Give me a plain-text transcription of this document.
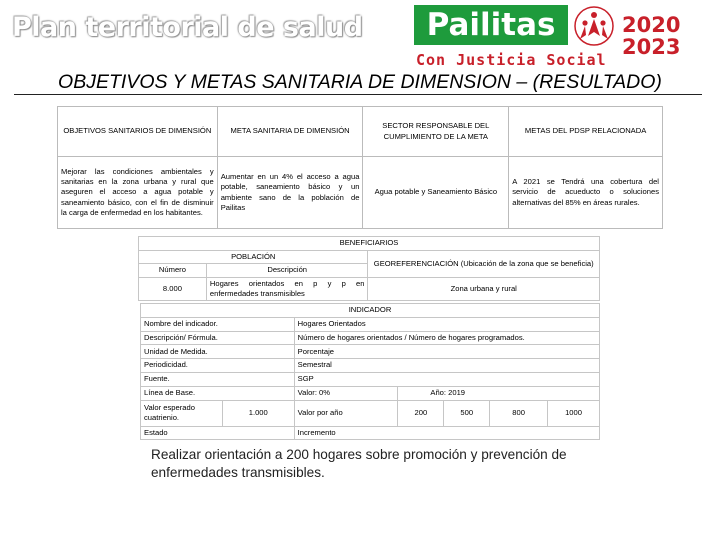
Plan territorial de salud	Pailitas
Con Justicia Social
2020
2023
OBJETIVOS Y METAS SANITARIA DE DIMENSION – (RESULTADO)
OBJETIVOS SANITARIOS DE DIMENSIÓN	META SANITARIA DE DIMENSIÓN	SECTOR RESPONSABLE DEL CUMPLIMIENTO DE LA META	METAS DEL PDSP RELACIONADA
Mejorar las condiciones ambientales y sanitarias en la zona urbana y rural que aseguren el acceso a agua potable y saneamiento básico, con el fin de disminuir la carga de enfermedad en los habitantes.	Aumentar en un 4% el acceso a agua potable, saneamiento básico y un ambiente sano de la población de Pailitas	Agua potable y Saneamiento Básico	A 2021 se Tendrá una cobertura del servicio de acueducto o soluciones alternativas del 85% en áreas rurales.
BENEFICIARIOS		
POBLACIÓN		GEOREFERENCIACIÓN (Ubicación de la zona que se beneficia)
Número	Descripción	
8.000	Hogares orientados en p y p en enfermedades transmisibles	Zona urbana y rural
INDICADOR						
Nombre del indicador.		Hogares Orientados				
Descripción/ Fórmula.		Número de hogares orientados / Número de hogares programados.				
Unidad de Medida.		Porcentaje				
Periodicidad.		Semestral				
Fuente.		SGP				
Línea de Base.		Valor: 0%	Año: 2019			
Valor esperado cuatrienio.	1.000	Valor por año	200	500	800	1000
Estado		Incremento				
Realizar orientación a 200 hogares sobre promoción y prevención de enfermedades transmisibles.
